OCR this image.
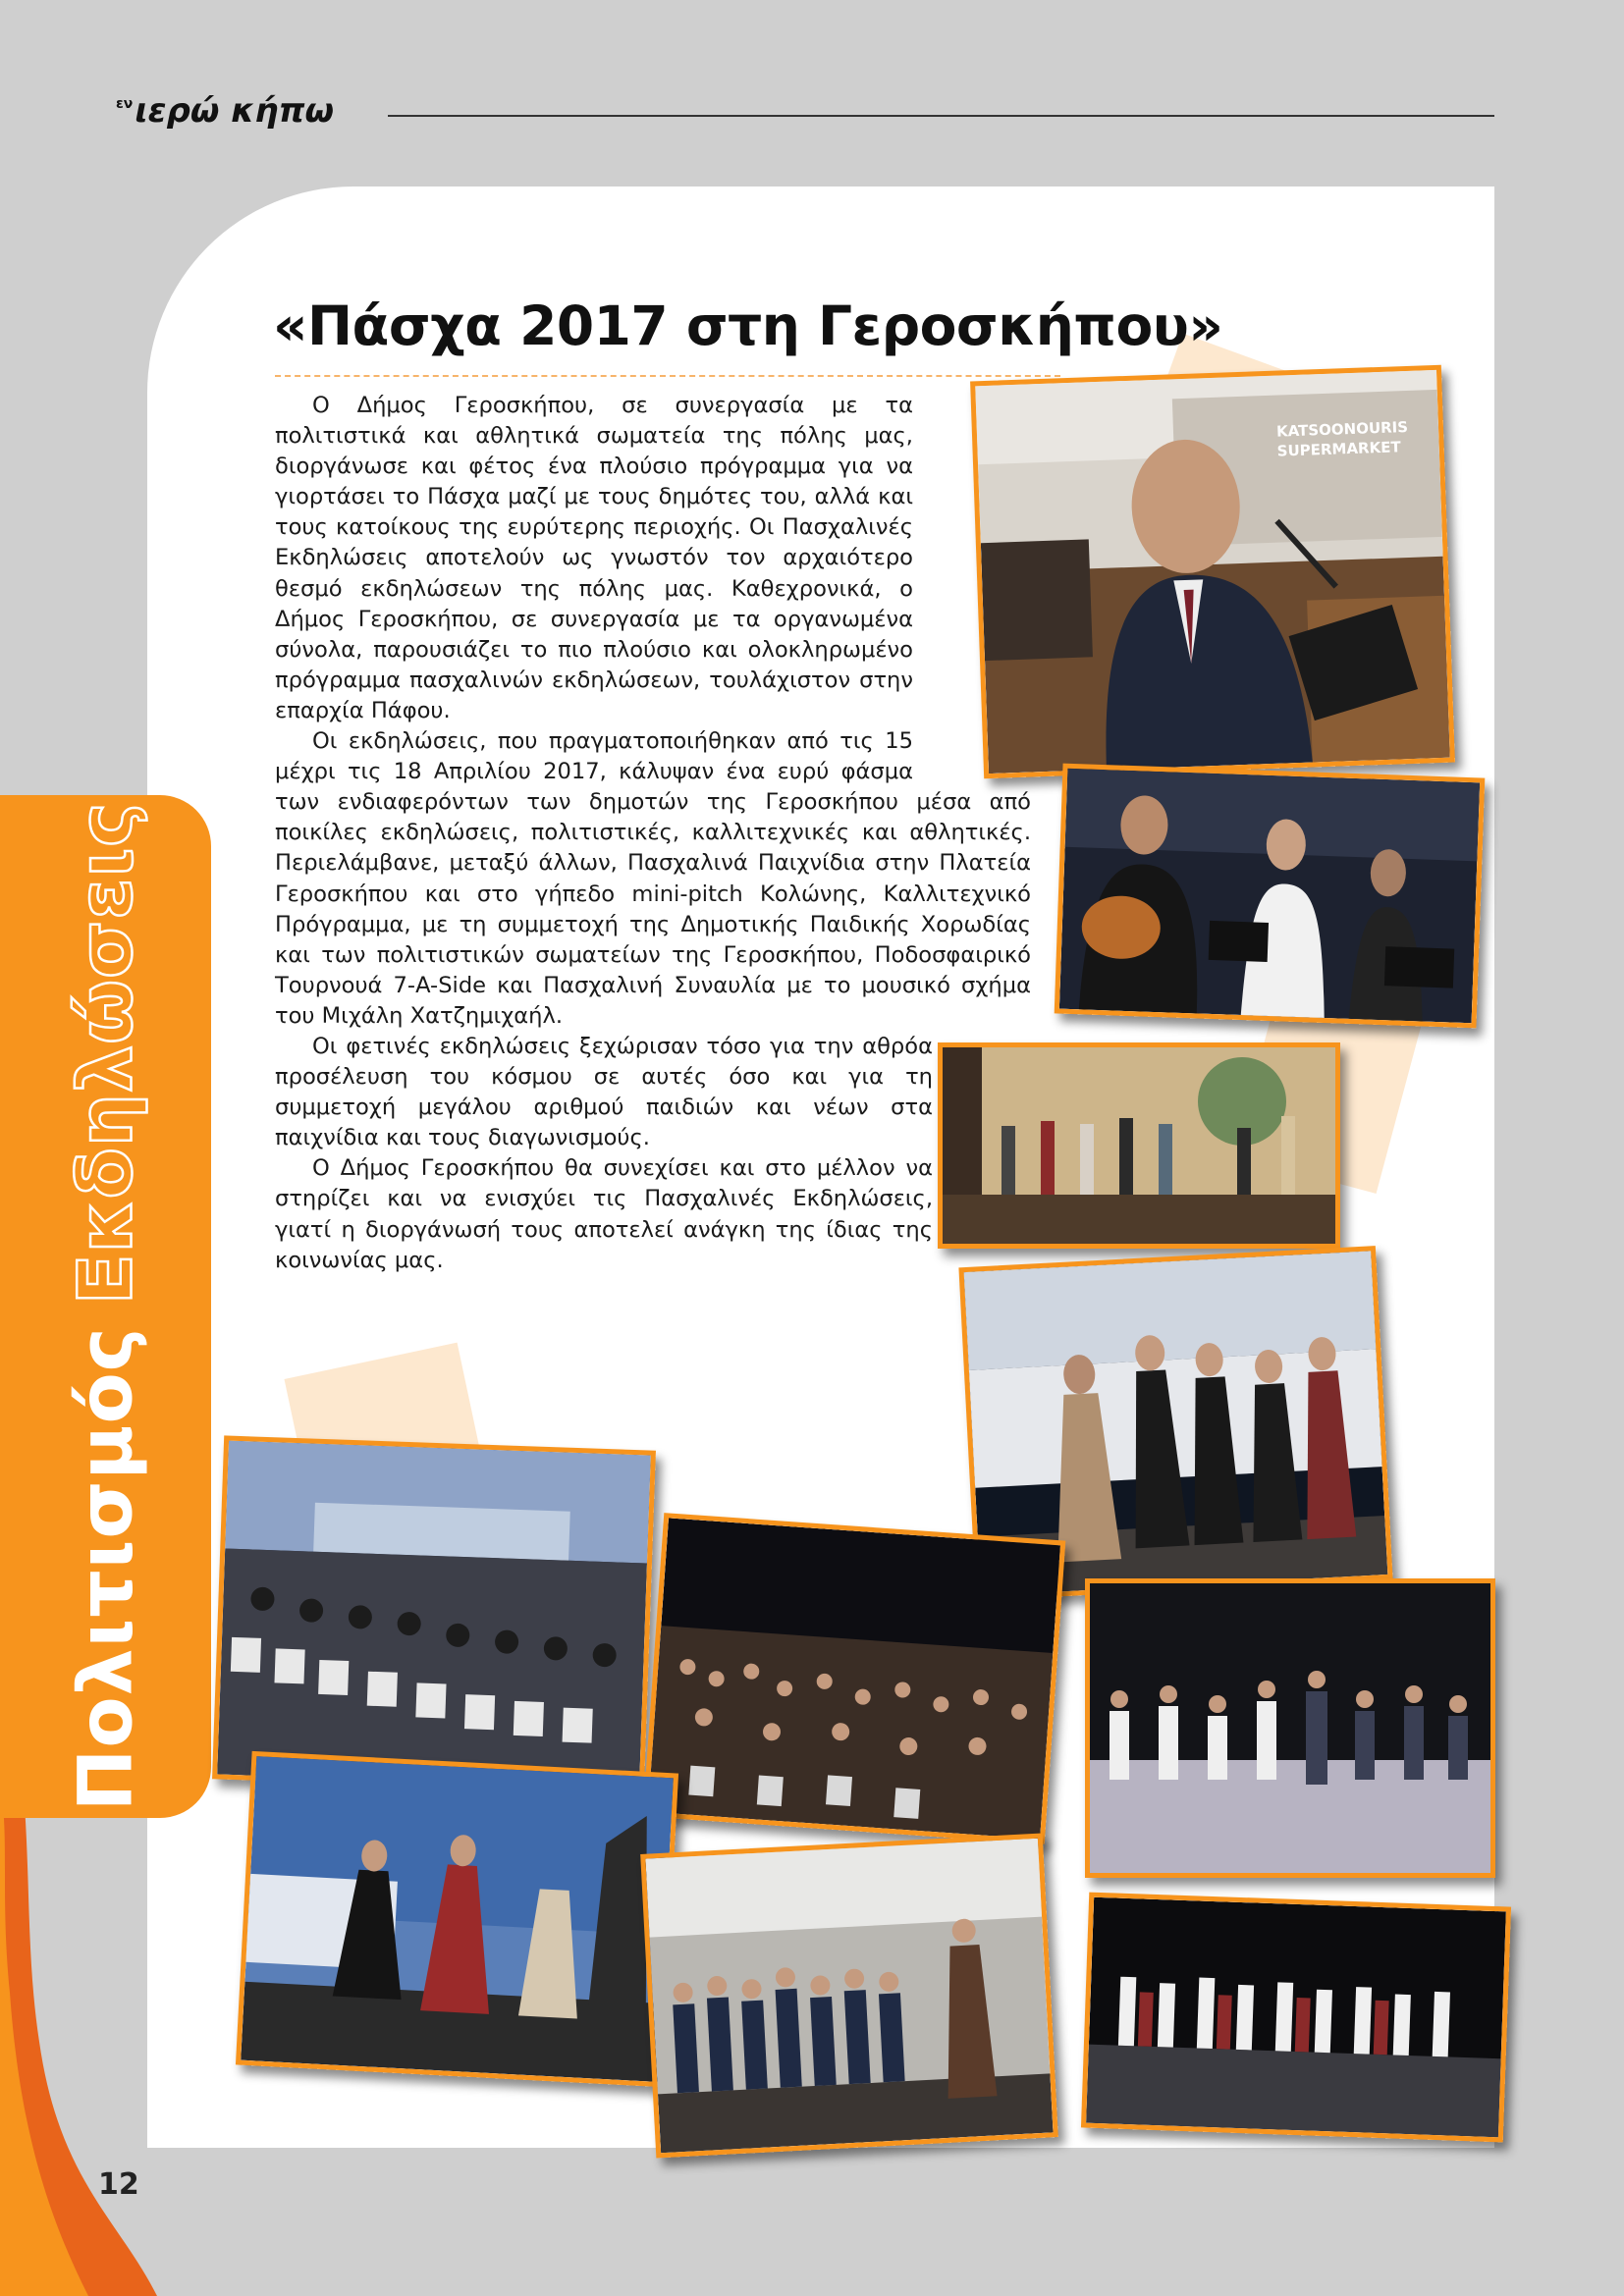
$^{\varepsilon\nu}$ιερώ κήπω
ΠολιτισμόςΕκδηλώσεις
«Πάσχα 2017 στη Γεροσκήπου»

Ο Δήμος Γεροσκήπου, σε συνεργασία με τα πολιτιστικά και αθλητικά σωματεία της πόλης μας, διοργάνωσε και φέτος ένα πλούσιο πρόγραμμα για να γιορτάσει το Πάσχα μαζί με τους δημότες του, αλλά και τους κατοίκους της ευρύτερης περιοχής. Οι Πασχαλινές Εκδηλώσεις αποτελούν ως γνωστόν τον αρχαιότερο θεσμό εκδηλώσεων της πόλης μας. Καθεχρονικά, ο Δήμος Γεροσκήπου, σε συνεργασία με τα οργανωμένα σύνολα, παρουσιάζει το πιο πλούσιο και ολοκληρωμένο πρόγραμμα πασχαλινών εκδηλώσεων, τουλάχιστον στην επαρχία Πάφου.

Οι εκδηλώσεις, που πραγματοποιήθηκαν από τις 15 μέχρι τις 18 Απριλίου 2017, κάλυψαν ένα ευρύ φάσμα των ενδιαφερόντων των δημοτών της Γεροσκήπου μέσα από ποικίλες εκδηλώσεις, πολιτιστικές, καλλιτεχνικές και αθλητικές. Περιελάμβανε, μεταξύ άλλων, Πασχαλινά Παιχνίδια στην Πλατεία Γεροσκήπου και στο γήπεδο mini-pitch Κολώνης, Καλλιτεχνικό Πρόγραμμα, με τη συμμετοχή της Δημοτικής Παιδικής Χορωδίας και των πολιτιστικών σωματείων της Γεροσκήπου, Ποδοσφαιρικό Τουρνουά 7-A-Side και Πασχαλινή Συναυλία με το μουσικό σχήμα του Μιχάλη Χατζημιχαήλ.

Οι φετινές εκδηλώσεις ξεχώρισαν τόσο για την αθρόα προσέλευση του κόσμου σε αυτές όσο και για τη συμμετοχή μεγάλου αριθμού παιδιών και νέων στα παιχνίδια και τους διαγωνισμούς.

Ο Δήμος Γεροσκήπου θα συνεχίσει και στο μέλλον να στηρίζει και να ενισχύει τις Πασχαλινές Εκδηλώσεις, γιατί η διοργάνωσή τους αποτελεί ανάγκη της ίδιας της κοινωνίας μας.

KATSOONOURIS
SUPERMARKET
12
